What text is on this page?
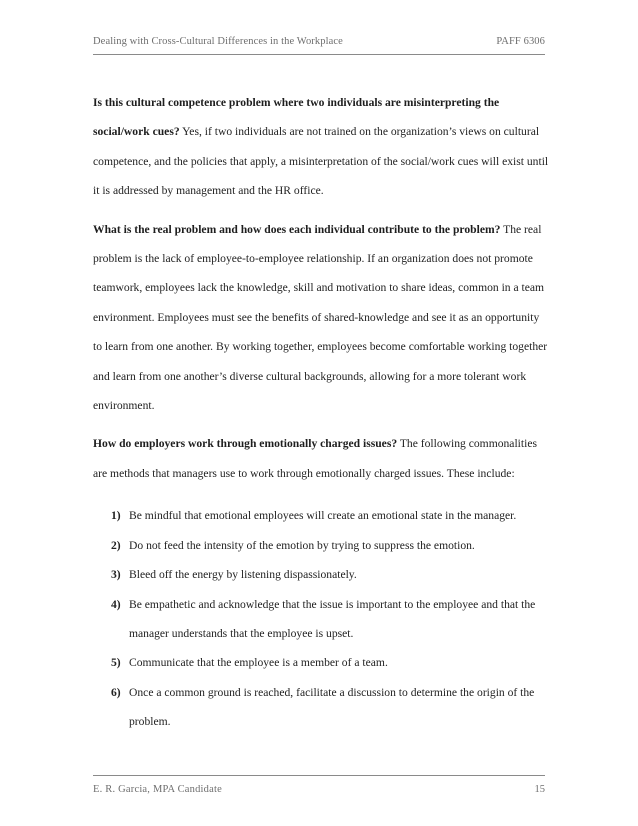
Dealing with Cross-Cultural Differences in the Workplace	PAFF 6306

Is this cultural competence problem where two individuals are misinterpreting the social/work cues? Yes, if two individuals are not trained on the organization’s views on cultural competence, and the policies that apply, a misinterpretation of the social/work cues will exist until it is addressed by management and the HR office.

What is the real problem and how does each individual contribute to the problem? The real problem is the lack of employee-to-employee relationship. If an organization does not promote teamwork, employees lack the knowledge, skill and motivation to share ideas, common in a team environment. Employees must see the benefits of shared-knowledge and see it as an opportunity to learn from one another. By working together, employees become comfortable working together and learn from one another’s diverse cultural backgrounds, allowing for a more tolerant work environment.

How do employers work through emotionally charged issues? The following commonalities are methods that managers use to work through emotionally charged issues. These include:

1) Be mindful that emotional employees will create an emotional state in the manager.
2) Do not feed the intensity of the emotion by trying to suppress the emotion.
3) Bleed off the energy by listening dispassionately.
4) Be empathetic and acknowledge that the issue is important to the employee and that the manager understands that the employee is upset.
5) Communicate that the employee is a member of a team.
6) Once a common ground is reached, facilitate a discussion to determine the origin of the problem.
E. R. Garcia, MPA Candidate	15
